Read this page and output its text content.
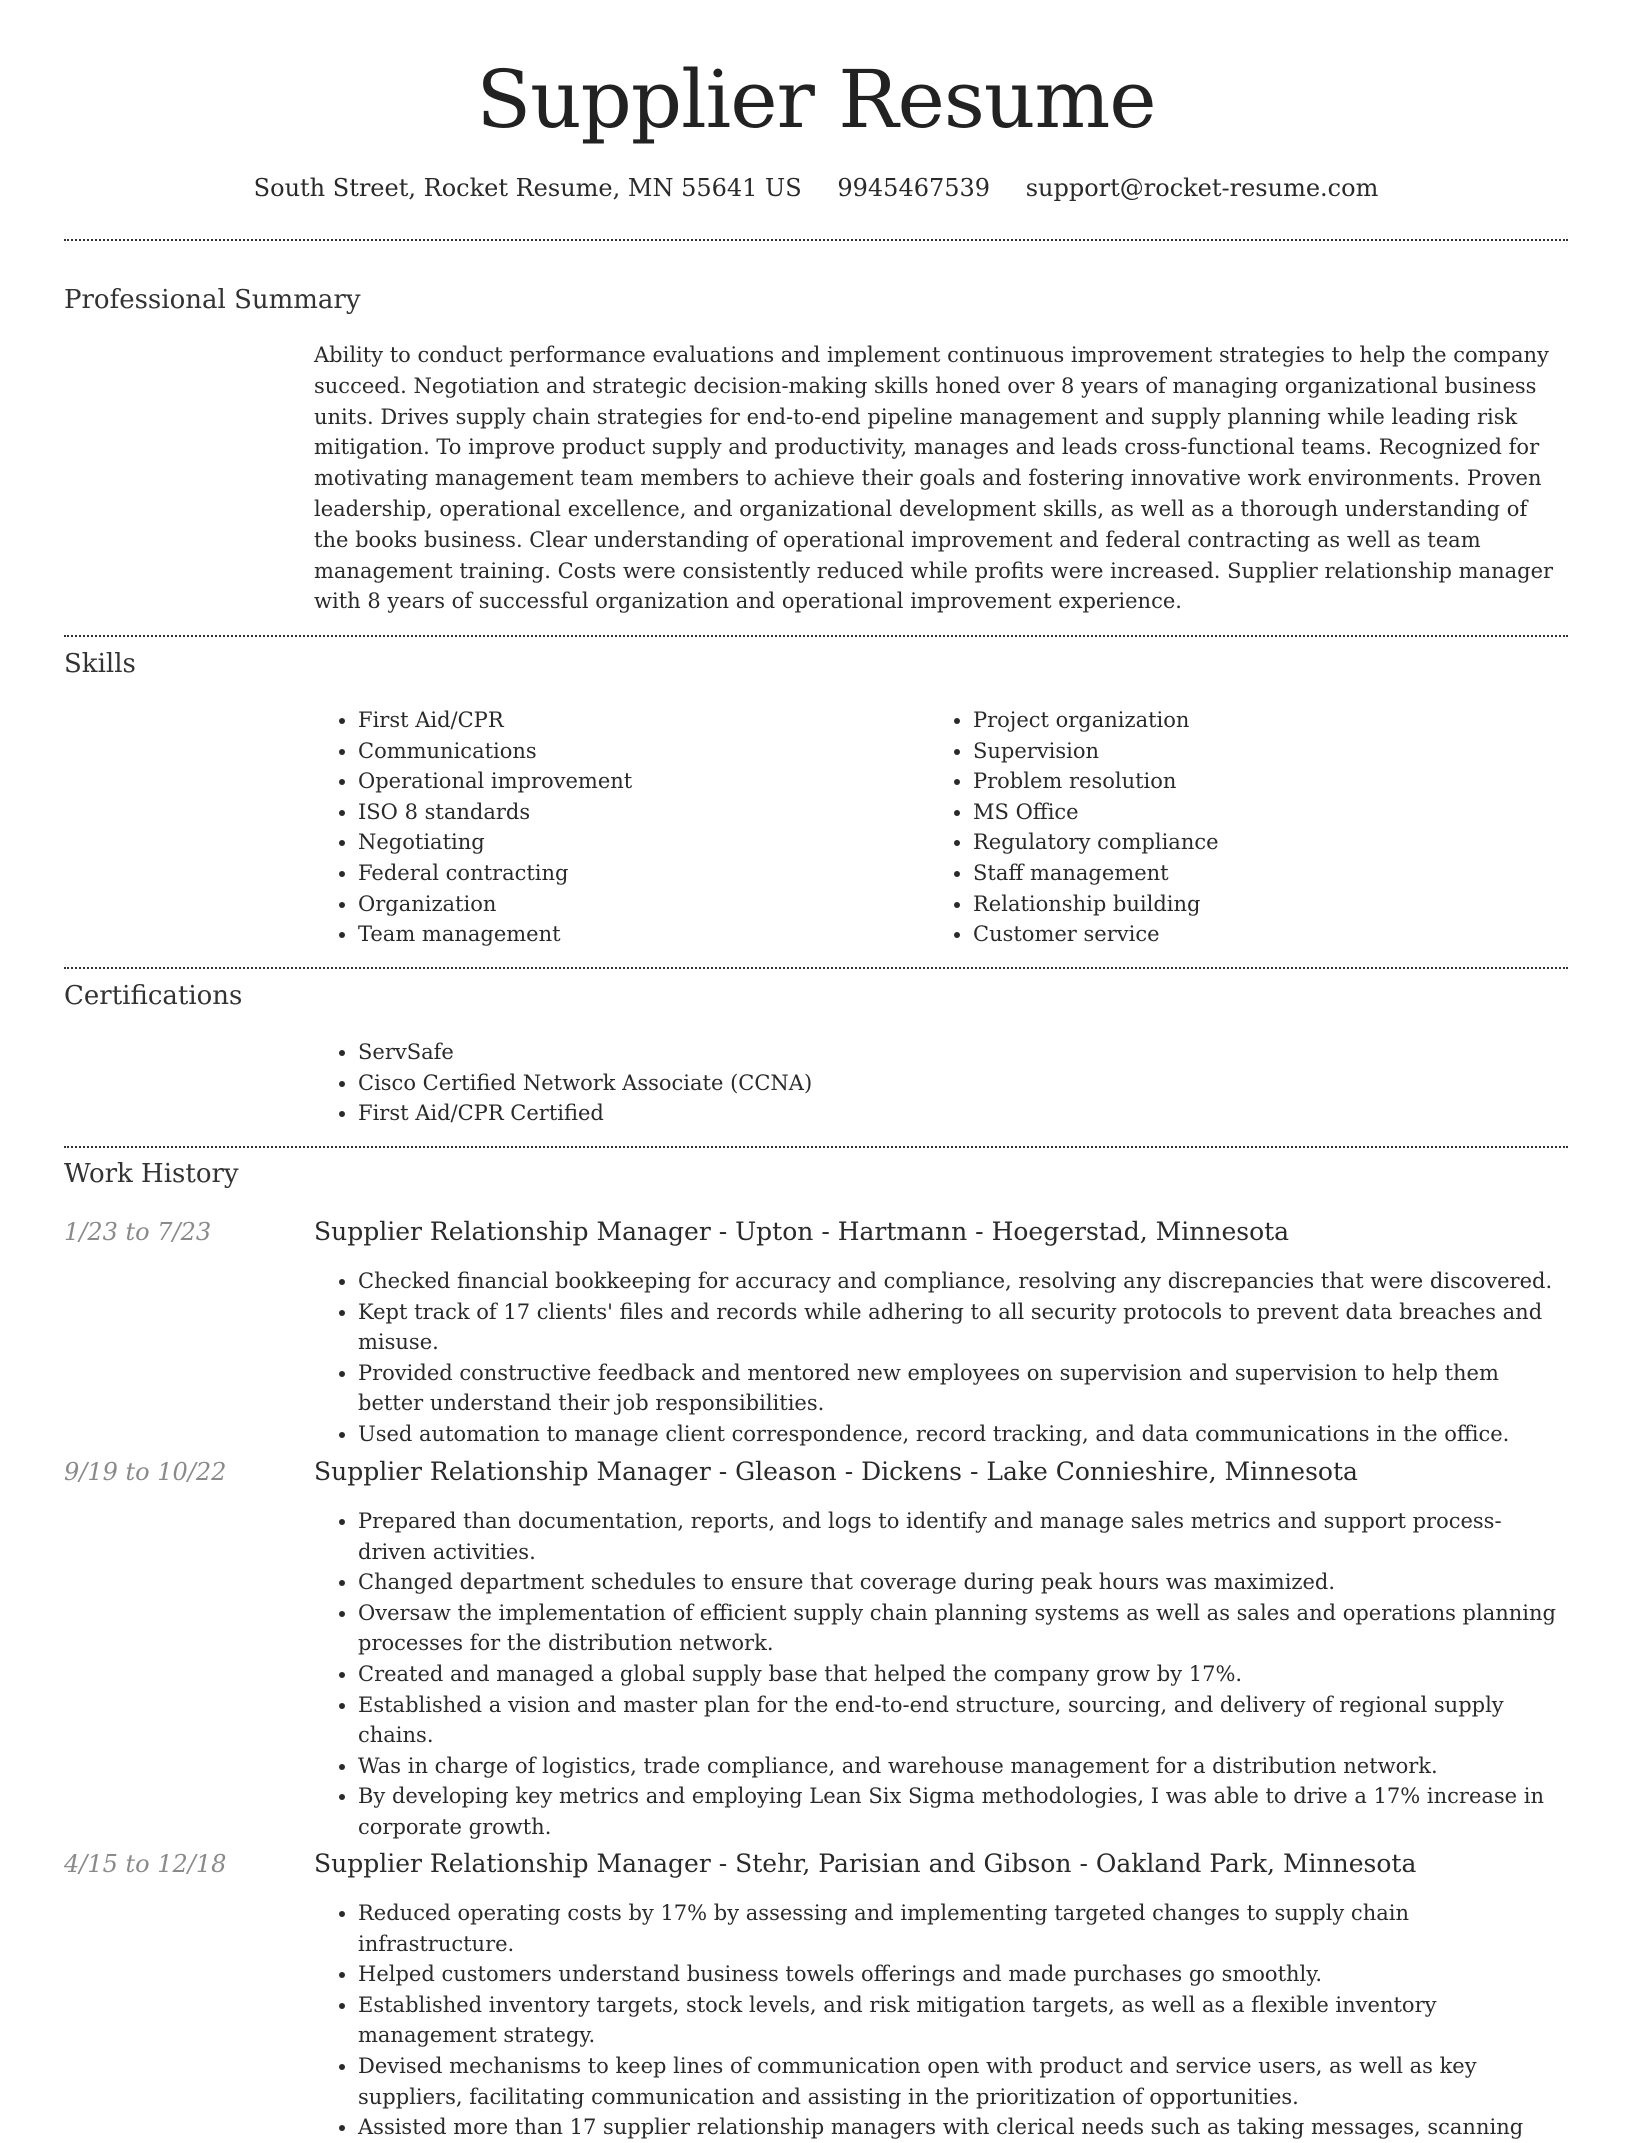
Supplier Resume
South Street, Rocket Resume, MN 55641 US 9945467539 support@rocket-resume.com
Professional Summary

Ability to conduct performance evaluations and implement continuous improvement strategies to help the company succeed. Negotiation and strategic decision-making skills honed over 8 years of managing organizational business units. Drives supply chain strategies for end-to-end pipeline management and supply planning while leading risk mitigation. To improve product supply and productivity, manages and leads cross-functional teams. Recognized for motivating management team members to achieve their goals and fostering innovative work environments. Proven leadership, operational excellence, and organizational development skills, as well as a thorough understanding of the books business. Clear understanding of operational improvement and federal contracting as well as team management training. Costs were consistently reduced while profits were increased. Supplier relationship manager with 8 years of successful organization and operational improvement experience.

Skills
• First Aid/CPR
• Communications
• Operational improvement
• ISO 8 standards
• Negotiating
• Federal contracting
• Organization
• Team management
• Project organization
• Supervision
• Problem resolution
• MS Office
• Regulatory compliance
• Staff management
• Relationship building
• Customer service
Certifications
• ServSafe
• Cisco Certified Network Associate (CCNA)
• First Aid/CPR Certified
Work History
1/23 to 7/23	Supplier Relationship Manager - Upton - Hartmann - Hoegerstad, Minnesota
• Checked financial bookkeeping for accuracy and compliance, resolving any discrepancies that were discovered.
• Kept track of 17 clients' files and records while adhering to all security protocols to prevent data breaches and misuse.
• Provided constructive feedback and mentored new employees on supervision and supervision to help them better understand their job responsibilities.
• Used automation to manage client correspondence, record tracking, and data communications in the office.
9/19 to 10/22	Supplier Relationship Manager - Gleason - Dickens - Lake Connieshire, Minnesota
• Prepared than documentation, reports, and logs to identify and manage sales metrics and support process-driven activities.
• Changed department schedules to ensure that coverage during peak hours was maximized.
• Oversaw the implementation of efficient supply chain planning systems as well as sales and operations planning processes for the distribution network.
• Created and managed a global supply base that helped the company grow by 17%.
• Established a vision and master plan for the end-to-end structure, sourcing, and delivery of regional supply chains.
• Was in charge of logistics, trade compliance, and warehouse management for a distribution network.
• By developing key metrics and employing Lean Six Sigma methodologies, I was able to drive a 17% increase in corporate growth.
4/15 to 12/18	Supplier Relationship Manager - Stehr, Parisian and Gibson - Oakland Park, Minnesota
• Reduced operating costs by 17% by assessing and implementing targeted changes to supply chain infrastructure.
• Helped customers understand business towels offerings and made purchases go smoothly.
• Established inventory targets, stock levels, and risk mitigation targets, as well as a flexible inventory management strategy.
• Devised mechanisms to keep lines of communication open with product and service users, as well as key suppliers, facilitating communication and assisting in the prioritization of opportunities.
• Assisted more than 17 supplier relationship managers with clerical needs such as taking messages, scanning
